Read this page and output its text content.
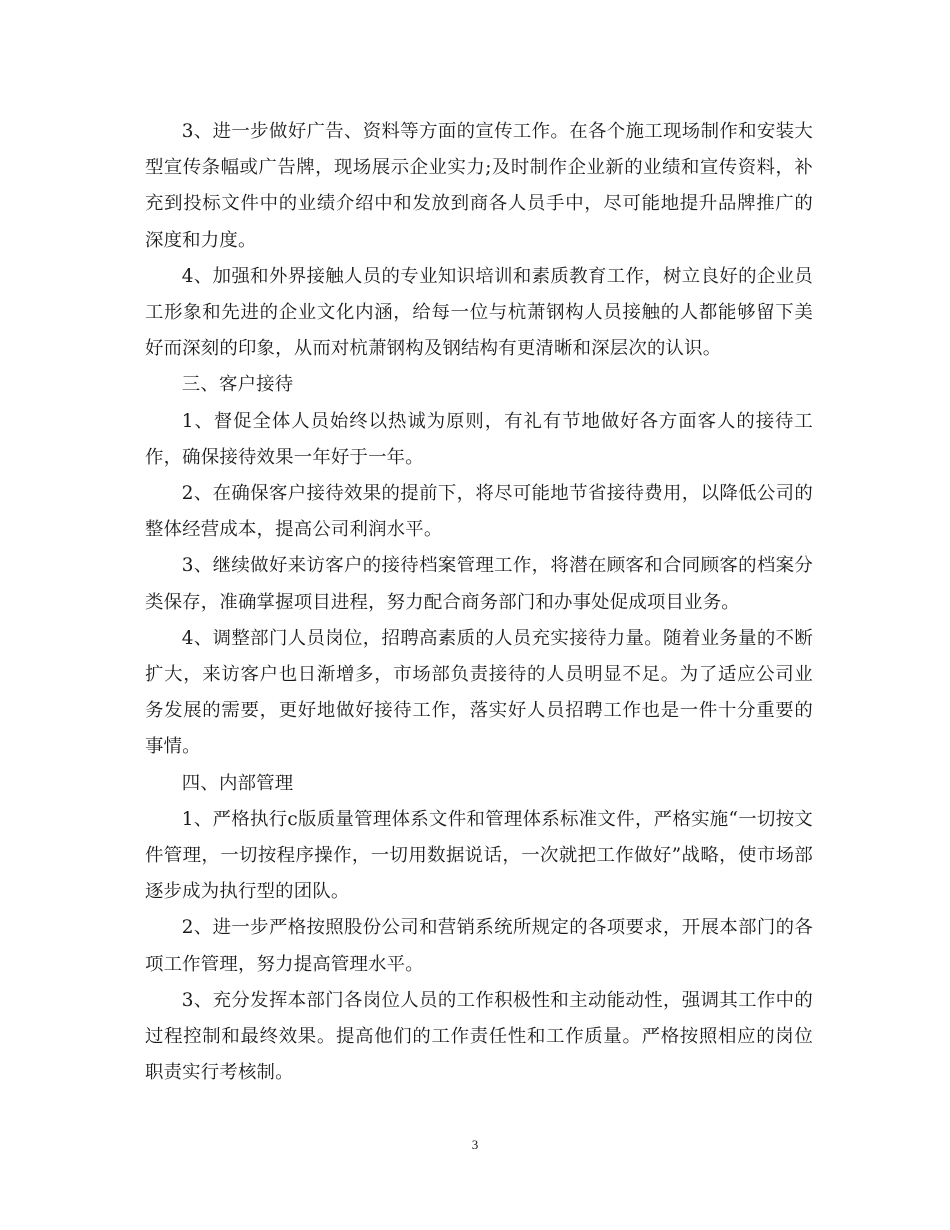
3、进一步做好广告、资料等方面的宣传工作。在各个施工现场制作和安装大型宣传条幅或广告牌，现场展示企业实力;及时制作企业新的业绩和宣传资料，补充到投标文件中的业绩介绍中和发放到商各人员手中，尽可能地提升品牌推广的深度和力度。

4、加强和外界接触人员的专业知识培训和素质教育工作，树立良好的企业员工形象和先进的企业文化内涵，给每一位与杭萧钢构人员接触的人都能够留下美好而深刻的印象，从而对杭萧钢构及钢结构有更清晰和深层次的认识。

三、客户接待

1、督促全体人员始终以热诚为原则，有礼有节地做好各方面客人的接待工作，确保接待效果一年好于一年。

2、在确保客户接待效果的提前下，将尽可能地节省接待费用，以降低公司的整体经营成本，提高公司利润水平。

3、继续做好来访客户的接待档案管理工作，将潜在顾客和合同顾客的档案分类保存，准确掌握项目进程，努力配合商务部门和办事处促成项目业务。

4、调整部门人员岗位，招聘高素质的人员充实接待力量。随着业务量的不断扩大，来访客户也日渐增多，市场部负责接待的人员明显不足。为了适应公司业务发展的需要，更好地做好接待工作，落实好人员招聘工作也是一件十分重要的事情。

四、内部管理

1、严格执行c版质量管理体系文件和管理体系标准文件，严格实施“一切按文件管理，一切按程序操作，一切用数据说话，一次就把工作做好”战略，使市场部逐步成为执行型的团队。

2、进一步严格按照股份公司和营销系统所规定的各项要求，开展本部门的各项工作管理，努力提高管理水平。

3、充分发挥本部门各岗位人员的工作积极性和主动能动性，强调其工作中的过程控制和最终效果。提高他们的工作责任性和工作质量。严格按照相应的岗位职责实行考核制。

3
